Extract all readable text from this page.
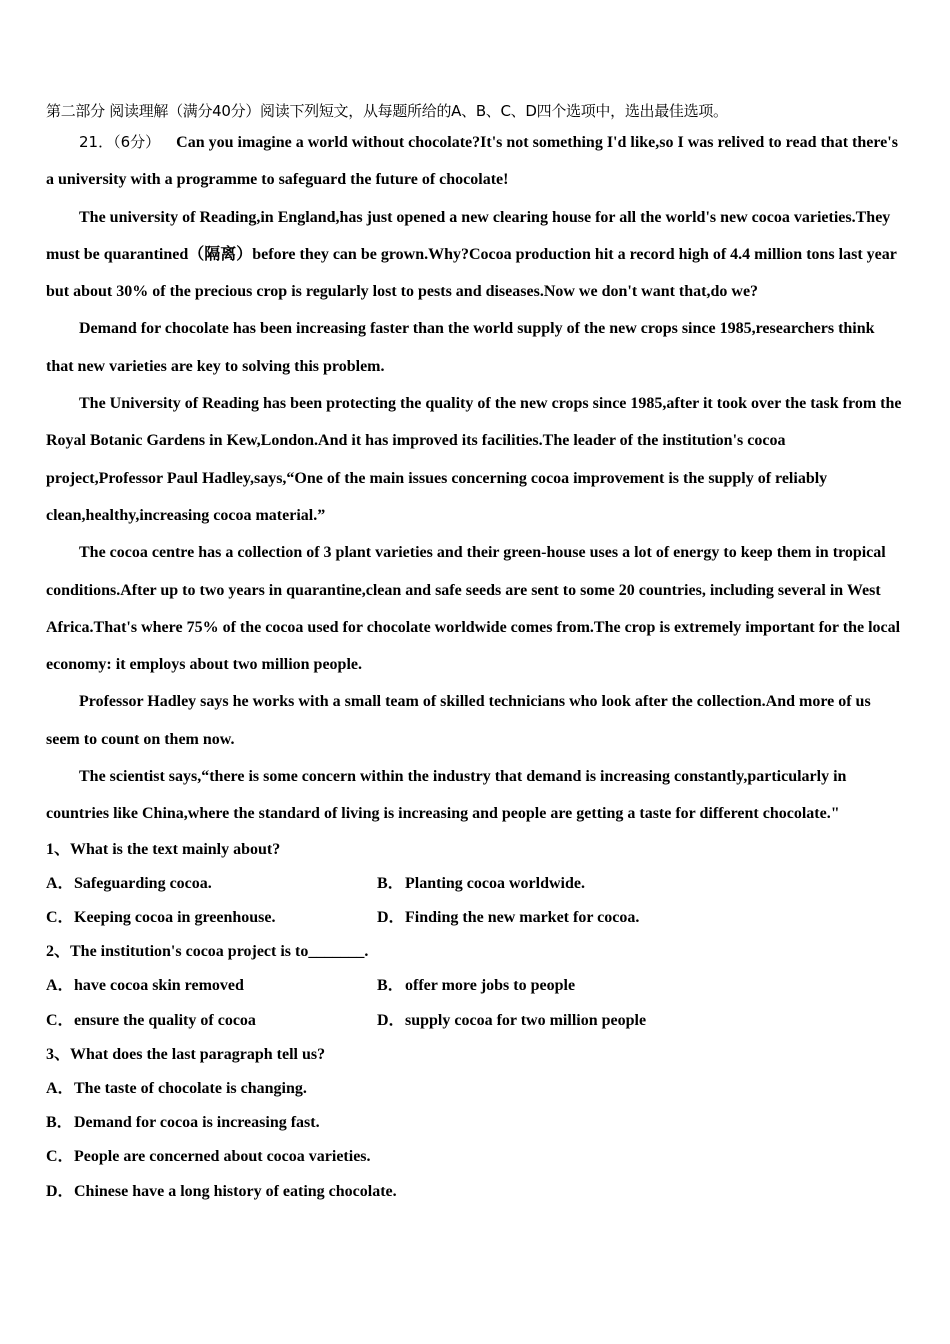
第二部分 阅读理解（满分40分）阅读下列短文，从每题所给的A、B、C、D四个选项中，选出最佳选项。

21．（6分） Can you imagine a world without chocolate?It's not something I'd like,so I was relived to read that there's a university with a programme to safeguard the future of chocolate!

The university of Reading,in England,has just opened a new clearing house for all the world's new cocoa varieties.They must be quarantined（隔离）before they can be grown.Why?Cocoa production hit a record high of 4.4 million tons last year but about 30% of the precious crop is regularly lost to pests and diseases.Now we don't want that,do we?

Demand for chocolate has been increasing faster than the world supply of the new crops since 1985,researchers think that new varieties are key to solving this problem.

The University of Reading has been protecting the quality of the new crops since 1985,after it took over the task from the Royal Botanic Gardens in Kew,London.And it has improved its facilities.The leader of the institution's cocoa project,Professor Paul Hadley,says,“One of the main issues concerning cocoa improvement is the supply of reliably clean,healthy,increasing cocoa material.”

The cocoa centre has a collection of 3 plant varieties and their green-house uses a lot of energy to keep them in tropical conditions.After up to two years in quarantine,clean and safe seeds are sent to some 20 countries, including several in West Africa.That's where 75% of the cocoa used for chocolate worldwide comes from.The crop is extremely important for the local economy: it employs about two million people.

Professor Hadley says he works with a small team of skilled technicians who look after the collection.And more of us seem to count on them now.

The scientist says,“there is some concern within the industry that demand is increasing constantly,particularly in countries like China,where the standard of living is increasing and people are getting a taste for different chocolate."

1、What is the text mainly about?
A．Safeguarding cocoa.	B．Planting cocoa worldwide.
C．Keeping cocoa in greenhouse.	D．Finding the new market for cocoa.
2、The institution's cocoa project is to_______.
A．have cocoa skin removed	B．offer more jobs to people
C．ensure the quality of cocoa	D．supply cocoa for two million people
3、What does the last paragraph tell us?
A． The taste of chocolate is changing.
B． Demand for cocoa is increasing fast.
C． People are concerned about cocoa varieties.
D． Chinese have a long history of eating chocolate.
